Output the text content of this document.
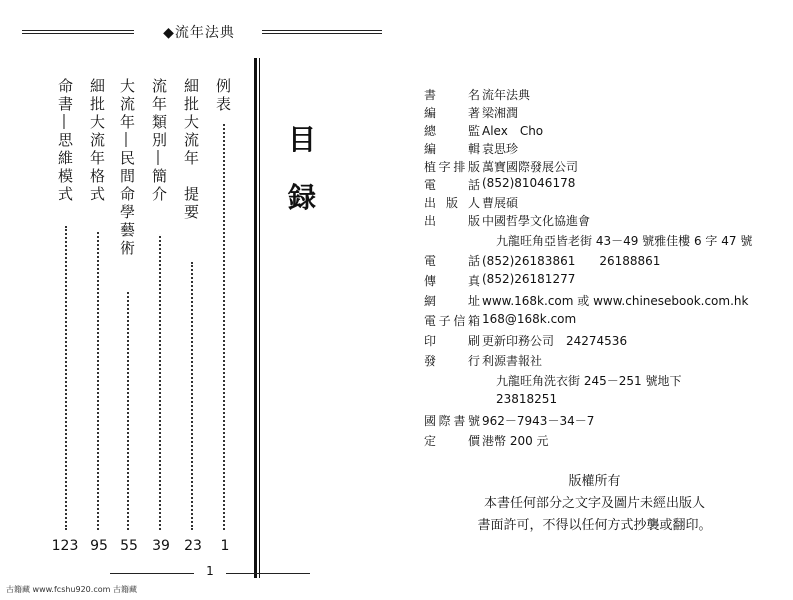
◆流年法典
目
録
例表
細批大流年　提要
流年類別―簡介
大流年―民間命學藝術
細批大流年格式
命書―思維模式
1
23
39
55
95
123
1
古籍藏 www.fcshu920.com 古籍藏
書　名 流年法典
編　著 梁湘潤
總　監 Alex　Cho
編　輯 袁思珍
植字排版 萬寶國際發展公司
電　話 (852)81046178
出版人 曹展碩
出　版 中國哲學文化協進會
九龍旺角亞皆老街 43－49 號雅佳樓 6 字 47 號
電　話 (852)26183861　　26188861
傳　真 (852)26181277
網　址 www.168k.com 或 www.chinesebook.com.hk
電子信箱 168@168k.com
印　刷 更新印務公司　24274536
發　行 利源書報社
九龍旺角洗衣街 245－251 號地下
23818251
國際書號 962－7943－34－7
定　價 港幣 200 元
版權所有
本書任何部分之文字及圖片未經出版人
書面許可，不得以任何方式抄襲或翻印。
